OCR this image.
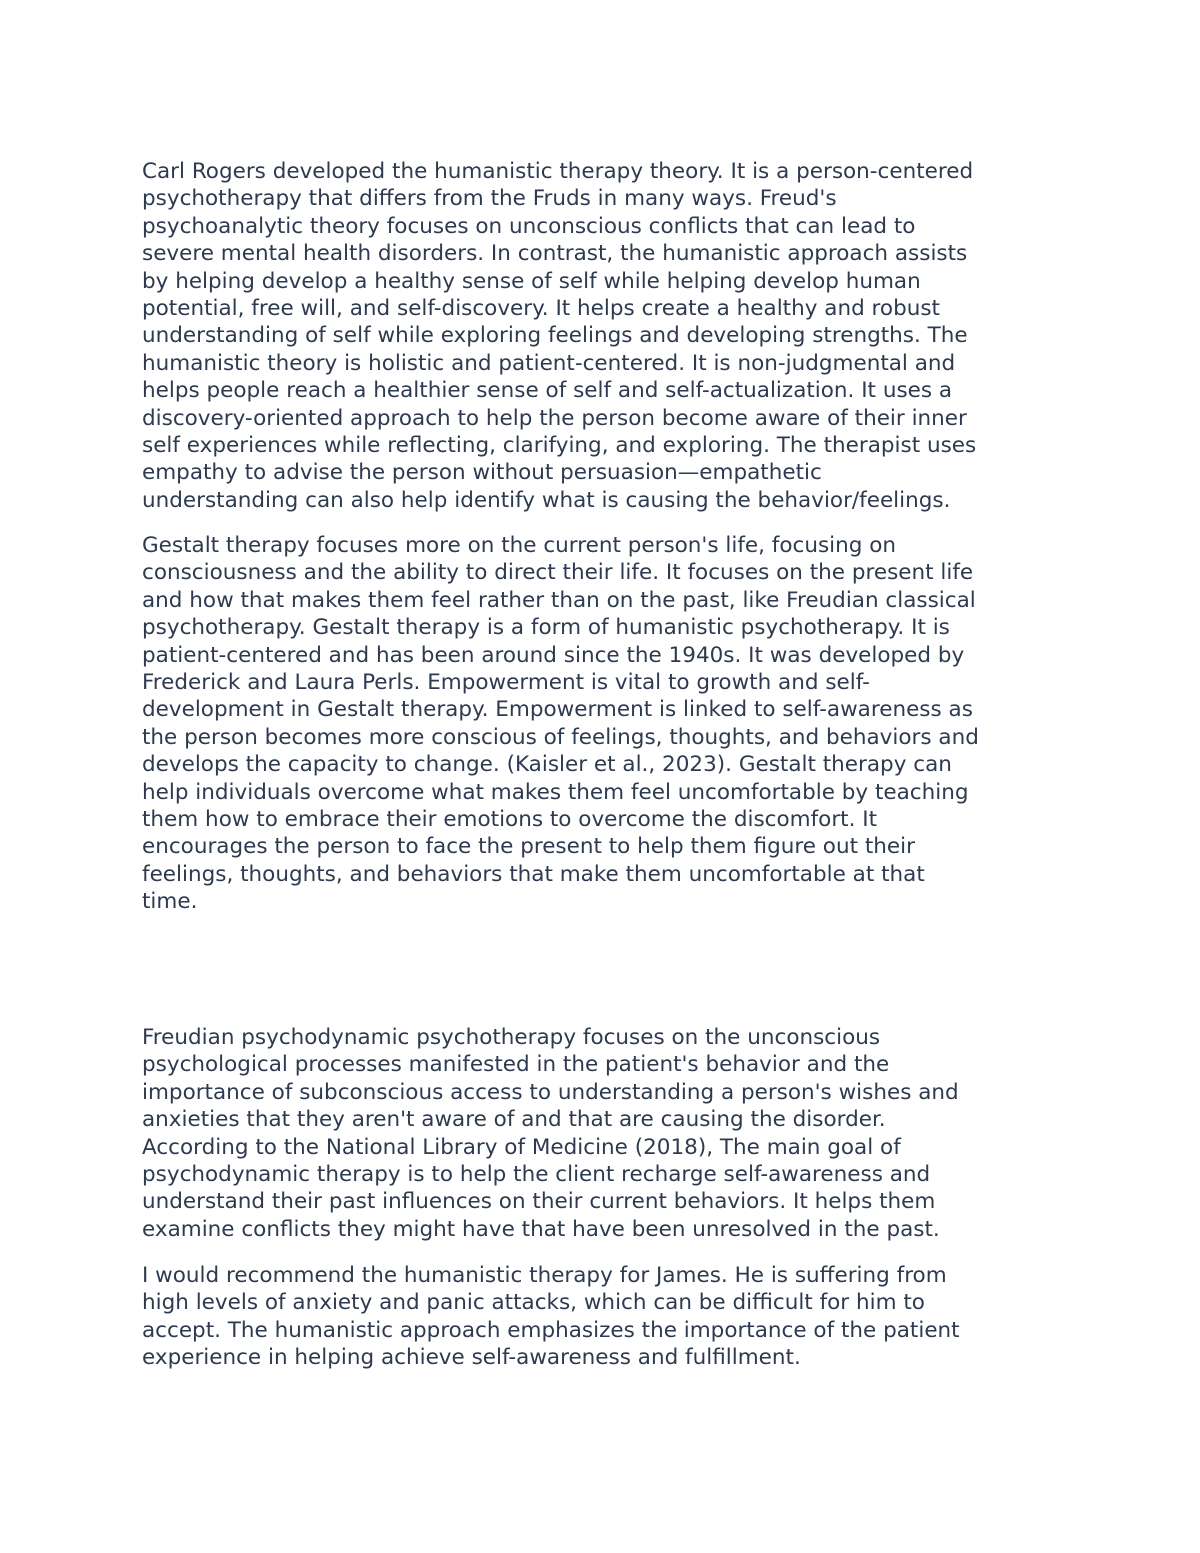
Carl Rogers developed the humanistic therapy theory. It is a person-centered
psychotherapy that differs from the Fruds in many ways. Freud's
psychoanalytic theory focuses on unconscious conflicts that can lead to
severe mental health disorders. In contrast, the humanistic approach assists
by helping develop a healthy sense of self while helping develop human
potential, free will, and self-discovery. It helps create a healthy and robust
understanding of self while exploring feelings and developing strengths. The
humanistic theory is holistic and patient-centered. It is non-judgmental and
helps people reach a healthier sense of self and self-actualization. It uses a
discovery-oriented approach to help the person become aware of their inner
self experiences while reflecting, clarifying, and exploring. The therapist uses
empathy to advise the person without persuasion—empathetic
understanding can also help identify what is causing the behavior/feelings.

Gestalt therapy focuses more on the current person's life, focusing on
consciousness and the ability to direct their life. It focuses on the present life
and how that makes them feel rather than on the past, like Freudian classical
psychotherapy. Gestalt therapy is a form of humanistic psychotherapy. It is
patient-centered and has been around since the 1940s. It was developed by
Frederick and Laura Perls. Empowerment is vital to growth and self-
development in Gestalt therapy. Empowerment is linked to self-awareness as
the person becomes more conscious of feelings, thoughts, and behaviors and
develops the capacity to change. (Kaisler et al., 2023). Gestalt therapy can
help individuals overcome what makes them feel uncomfortable by teaching
them how to embrace their emotions to overcome the discomfort. It
encourages the person to face the present to help them figure out their
feelings, thoughts, and behaviors that make them uncomfortable at that
time.

Freudian psychodynamic psychotherapy focuses on the unconscious
psychological processes manifested in the patient's behavior and the
importance of subconscious access to understanding a person's wishes and
anxieties that they aren't aware of and that are causing the disorder.
According to the National Library of Medicine (2018), The main goal of
psychodynamic therapy is to help the client recharge self-awareness and
understand their past influences on their current behaviors. It helps them
examine conflicts they might have that have been unresolved in the past.

I would recommend the humanistic therapy for James. He is suffering from
high levels of anxiety and panic attacks, which can be difficult for him to
accept. The humanistic approach emphasizes the importance of the patient
experience in helping achieve self-awareness and fulfillment.
